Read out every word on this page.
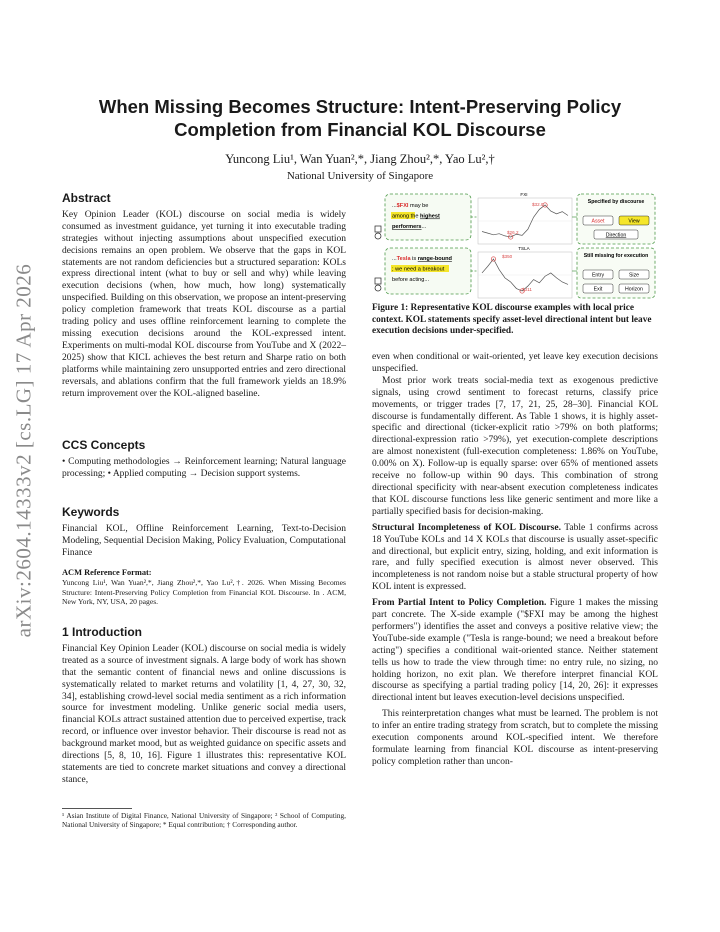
arXiv:2604.14333v2 [cs.LG] 17 Apr 2026
When Missing Becomes Structure: Intent-Preserving Policy Completion from Financial KOL Discourse
Yuncong Liu¹, Wan Yuan²,*, Jiang Zhou²,*, Yao Lu²,†
National University of Singapore
Abstract

Key Opinion Leader (KOL) discourse on social media is widely consumed as investment guidance, yet turning it into executable trading strategies without injecting assumptions about unspecified execution decisions remains an open problem. We observe that the gaps in KOL statements are not random deficiencies but a structured separation: KOLs express directional intent (what to buy or sell and why) while leaving execution decisions (when, how much, how long) systematically unspecified. Building on this observation, we propose an intent-preserving policy completion framework that treats KOL discourse as a partial trading policy and uses offline reinforcement learning to complete the missing execution decisions around the KOL-expressed intent. Experiments on multi-modal KOL discourse from YouTube and X (2022–2025) show that KICL achieves the best return and Sharpe ratio on both platforms while maintaining zero unsupported entries and zero directional reversals, and ablations confirm that the full framework yields an 18.9% return improvement over the KOL-aligned baseline.

CCS Concepts

• Computing methodologies → Reinforcement learning; Natural language processing; • Applied computing → Decision support systems.

Keywords

Financial KOL, Offline Reinforcement Learning, Text-to-Decision Modeling, Sequential Decision Making, Policy Evaluation, Computational Finance

ACM Reference Format:

Yuncong Liu¹, Wan Yuan²,*, Jiang Zhou²,*, Yao Lu²,†. 2026. When Missing Becomes Structure: Intent-Preserving Policy Completion from Financial KOL Discourse. In . ACM, New York, NY, USA, 20 pages.

1 Introduction

Financial Key Opinion Leader (KOL) discourse on social media is widely treated as a source of investment signals. A large body of work has shown that the semantic content of financial news and online discussions is systematically related to market returns and volatility [1, 4, 27, 30, 32, 34], establishing crowd-level social media sentiment as a rich information source for investment modeling. Unlike generic social media users, financial KOLs attract sustained attention due to perceived expertise, track record, or influence over investor behavior. Their discourse is read not as background market mood, but as weighted guidance on specific assets and directions [5, 8, 10, 16]. Figure 1 illustrates this: representative KOL statements are tied to concrete market situations and convey a directional stance,

¹ Asian Institute of Digital Finance, National University of Singapore; ² School of Computing, National University of Singapore; * Equal contribution; † Corresponding author.
...$FXI may be
among the highest
performers...
...Tesla is range-bound
; we need a breakout
before acting...
FXI
TSLA
$32.0
$26.2
$350
$311
Specified by discourse
Asset	View
Direction
Still missing for execution
Entry	Size
Exit	Horizon
Figure 1: Representative KOL discourse examples with local price context. KOL statements specify asset-level directional intent but leave execution decisions under-specified.

even when conditional or wait-oriented, yet leave key execution decisions unspecified.

Most prior work treats social-media text as exogenous predictive signals, using crowd sentiment to forecast returns, classify price movements, or trigger trades [7, 17, 21, 25, 28–30]. Financial KOL discourse is fundamentally different. As Table 1 shows, it is highly asset-specific and directional (ticker-explicit ratio >79% on both platforms; directional-expression ratio >79%), yet execution-complete descriptions are almost nonexistent (full-execution completeness: 1.86% on YouTube, 0.00% on X). Follow-up is equally sparse: over 65% of mentioned assets receive no follow-up within 90 days. This combination of strong directional specificity with near-absent execution completeness indicates that KOL discourse functions less like generic sentiment and more like a partially specified basis for decision-making.

Structural Incompleteness of KOL Discourse. Table 1 confirms across 18 YouTube KOLs and 14 X KOLs that discourse is usually asset-specific and directional, but explicit entry, sizing, holding, and exit information is rare, and fully specified execution is almost never observed. This incompleteness is not random noise but a stable structural property of how KOL intent is expressed.

From Partial Intent to Policy Completion. Figure 1 makes the missing part concrete. The X-side example ("$FXI may be among the highest performers") identifies the asset and conveys a positive relative view; the YouTube-side example ("Tesla is range-bound; we need a breakout before acting") specifies a conditional wait-oriented stance. Neither statement tells us how to trade the view through time: no entry rule, no sizing, no holding horizon, no exit plan. We therefore interpret financial KOL discourse as specifying a partial trading policy [14, 20, 26]: it expresses directional intent but leaves execution-level decisions unspecified.

This reinterpretation changes what must be learned. The problem is not to infer an entire trading strategy from scratch, but to complete the missing execution components around KOL-specified intent. We therefore formulate learning from financial KOL discourse as intent-preserving policy completion rather than uncon-
